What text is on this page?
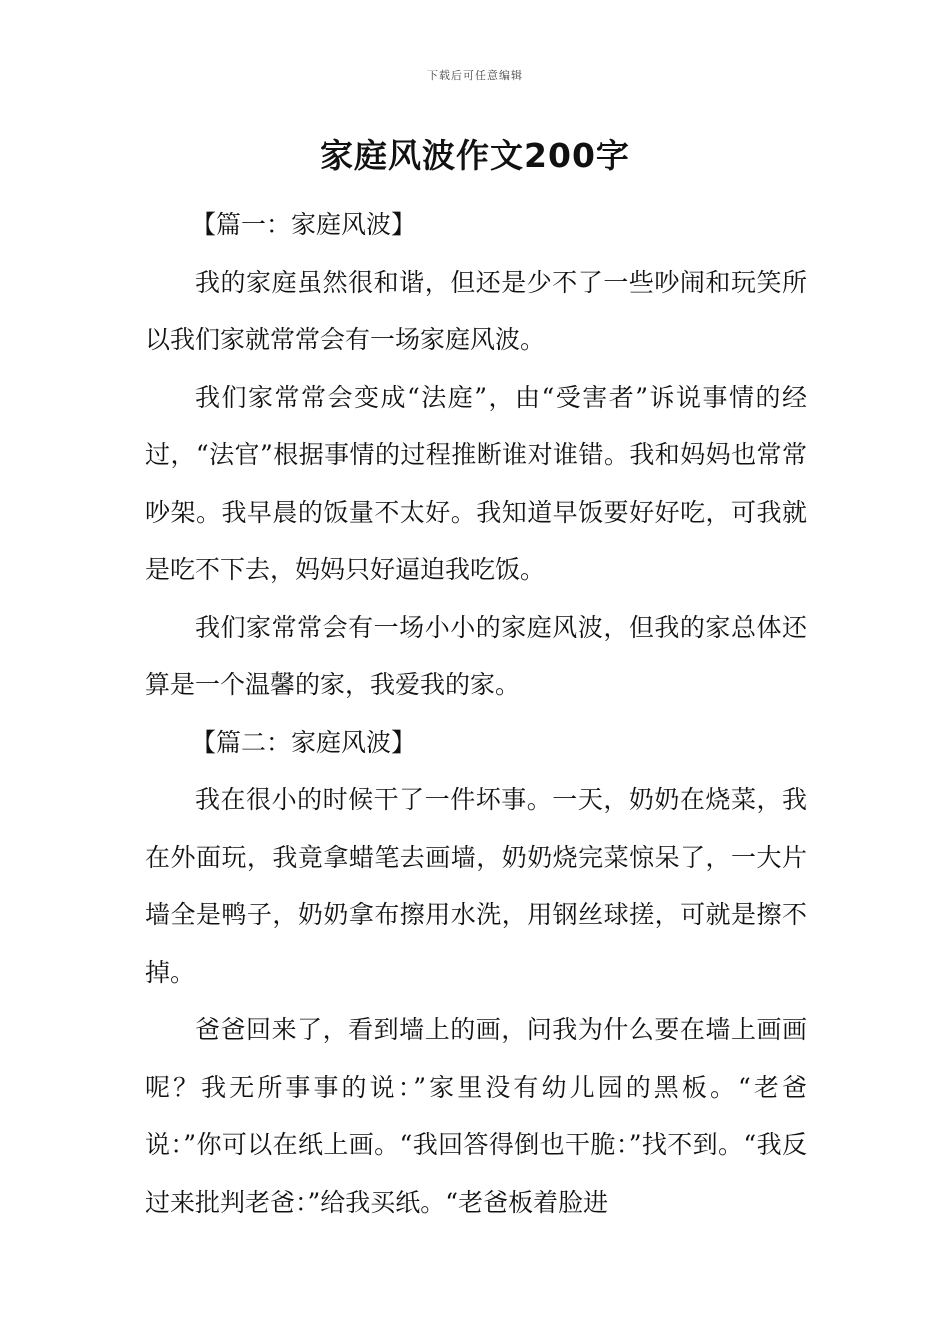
下载后可任意编辑
家庭风波作文200字

【篇一：家庭风波】

我的家庭虽然很和谐，但还是少不了一些吵闹和玩笑所以我们家就常常会有一场家庭风波。

我们家常常会变成“法庭”，由“受害者”诉说事情的经过，“法官”根据事情的过程推断谁对谁错。我和妈妈也常常吵架。我早晨的饭量不太好。我知道早饭要好好吃，可我就是吃不下去，妈妈只好逼迫我吃饭。

我们家常常会有一场小小的家庭风波，但我的家总体还算是一个温馨的家，我爱我的家。

【篇二：家庭风波】

我在很小的时候干了一件坏事。一天，奶奶在烧菜，我在外面玩，我竟拿蜡笔去画墙，奶奶烧完菜惊呆了，一大片墙全是鸭子，奶奶拿布擦用水洗，用钢丝球搓，可就是擦不掉。

爸爸回来了，看到墙上的画，问我为什么要在墙上画画呢？我无所事事的说：”家里没有幼儿园的黑板。“老爸说：”你可以在纸上画。“我回答得倒也干脆：”找不到。“我反过来批判老爸：”给我买纸。“老爸板着脸进
